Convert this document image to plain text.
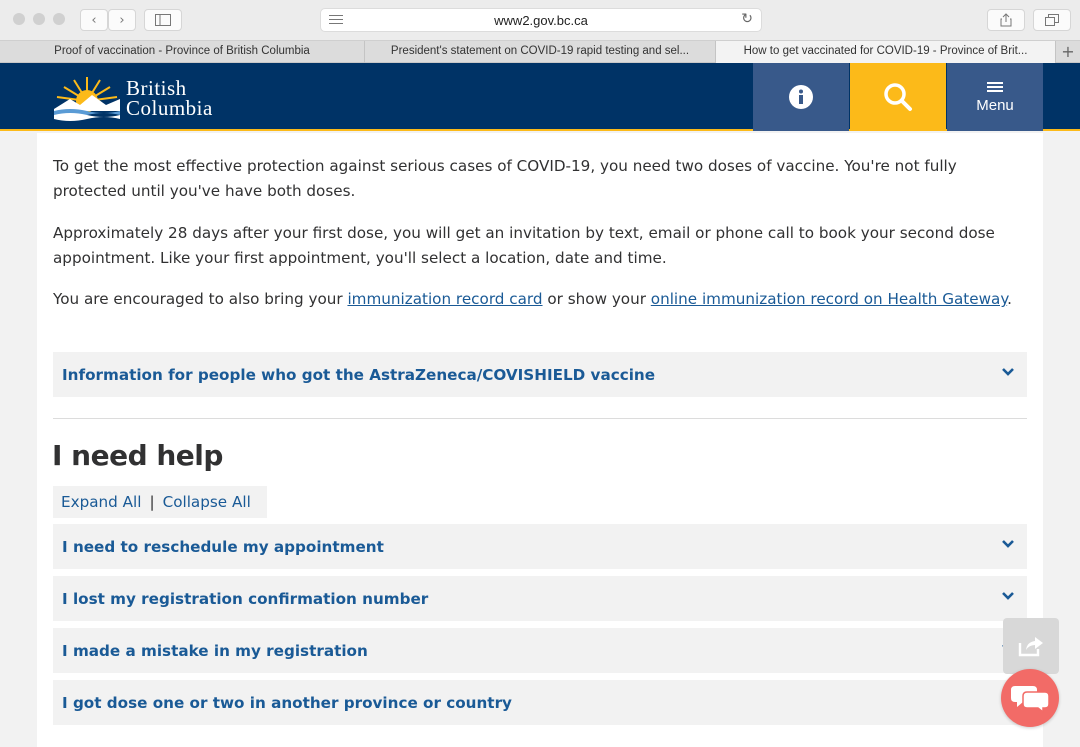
‹ ›	www2.gov.bc.ca	↻
Proof of vaccination - Province of British Columbia	President's statement on COVID-19 rapid testing and sel...	How to get vaccinated for COVID-19 - Province of Brit...	+
British
Columbia	Menu

To get the most effective protection against serious cases of COVID-19, you need two doses of vaccine. You're not fully protected until you've have both doses.

Approximately 28 days after your first dose, you will get an invitation by text, email or phone call to book your second dose appointment. Like your first appointment, you'll select a location, date and time.

You are encouraged to also bring your immunization record card or show your online immunization record on Health Gateway.

Information for people who got the AstraZeneca/COVISHIELD vaccine
I need help
Expand All | Collapse All
I need to reschedule my appointment
I lost my registration confirmation number
I made a mistake in my registration
I got dose one or two in another province or country
